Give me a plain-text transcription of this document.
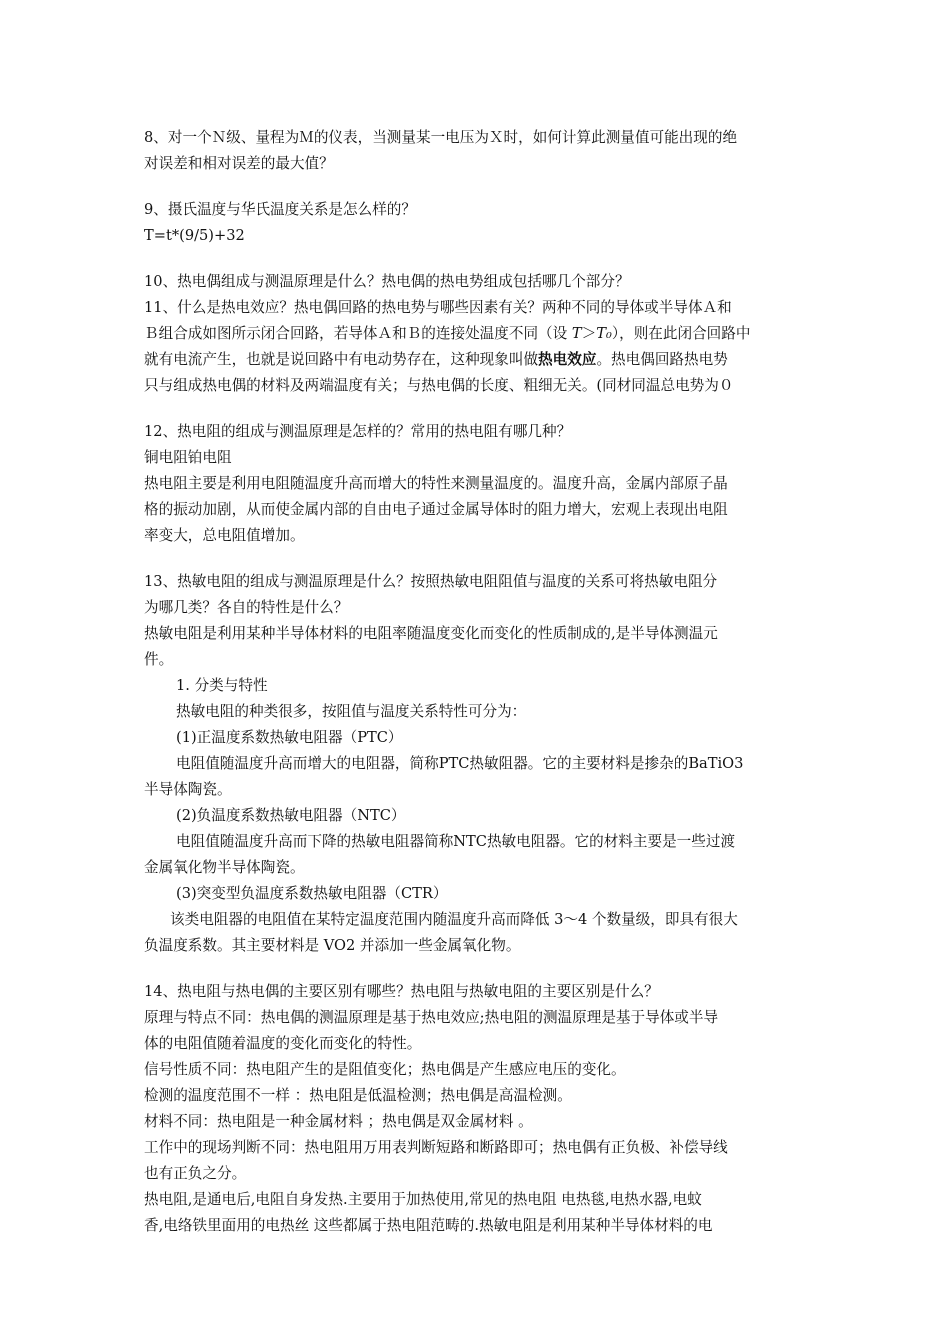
8、对一个Ｎ级、量程为Ｍ的仪表，当测量某一电压为Ｘ时，如何计算此测量值可能出现的绝

对误差和相对误差的最大值？

9、摄氏温度与华氏温度关系是怎么样的？

T=t*(9/5)+32

10、热电偶组成与测温原理是什么？热电偶的热电势组成包括哪几个部分？

11、什么是热电效应？热电偶回路的热电势与哪些因素有关？两种不同的导体或半导体Ａ和

Ｂ组合成如图所示闭合回路，若导体Ａ和Ｂ的连接处温度不同（设 T＞T₀），则在此闭合回路中

就有电流产生，也就是说回路中有电动势存在，这种现象叫做热电效应。热电偶回路热电势

只与组成热电偶的材料及两端温度有关；与热电偶的长度、粗细无关。(同材同温总电势为０

12、热电阻的组成与测温原理是怎样的？常用的热电阻有哪几种？

铜电阻铂电阻

热电阻主要是利用电阻随温度升高而增大的特性来测量温度的。温度升高，金属内部原子晶

格的振动加剧，从而使金属内部的自由电子通过金属导体时的阻力增大，宏观上表现出电阻

率变大，总电阻值增加。

13、热敏电阻的组成与测温原理是什么？按照热敏电阻阻值与温度的关系可将热敏电阻分

为哪几类？各自的特性是什么？

热敏电阻是利用某种半导体材料的电阻率随温度变化而变化的性质制成的,是半导体测温元

件。

1. 分类与特性

热敏电阻的种类很多，按阻值与温度关系特性可分为：

(1)正温度系数热敏电阻器（PTC）

电阻值随温度升高而增大的电阻器，简称PTC热敏阻器。它的主要材料是掺杂的BaTiO3

半导体陶瓷。

(2)负温度系数热敏电阻器（NTC）

电阻值随温度升高而下降的热敏电阻器简称NTC热敏电阻器。它的材料主要是一些过渡

金属氧化物半导体陶瓷。

(3)突变型负温度系数热敏电阻器（CTR）

该类电阻器的电阻值在某特定温度范围内随温度升高而降低 3～4 个数量级，即具有很大

负温度系数。其主要材料是 VO2 并添加一些金属氧化物。

14、热电阻与热电偶的主要区别有哪些？热电阻与热敏电阻的主要区别是什么？

原理与特点不同：热电偶的测温原理是基于热电效应;热电阻的测温原理是基于导体或半导

体的电阻值随着温度的变化而变化的特性。

信号性质不同：热电阻产生的是阻值变化；热电偶是产生感应电压的变化。

检测的温度范围不一样 ：热电阻是低温检测；热电偶是高温检测。

材料不同：热电阻是一种金属材料 ；热电偶是双金属材料 。

工作中的现场判断不同：热电阻用万用表判断短路和断路即可；热电偶有正负极、补偿导线

也有正负之分。

热电阻,是通电后,电阻自身发热.主要用于加热使用,常见的热电阻 电热毯,电热水器,电蚊

香,电络铁里面用的电热丝 这些都属于热电阻范畴的.热敏电阻是利用某种半导体材料的电
